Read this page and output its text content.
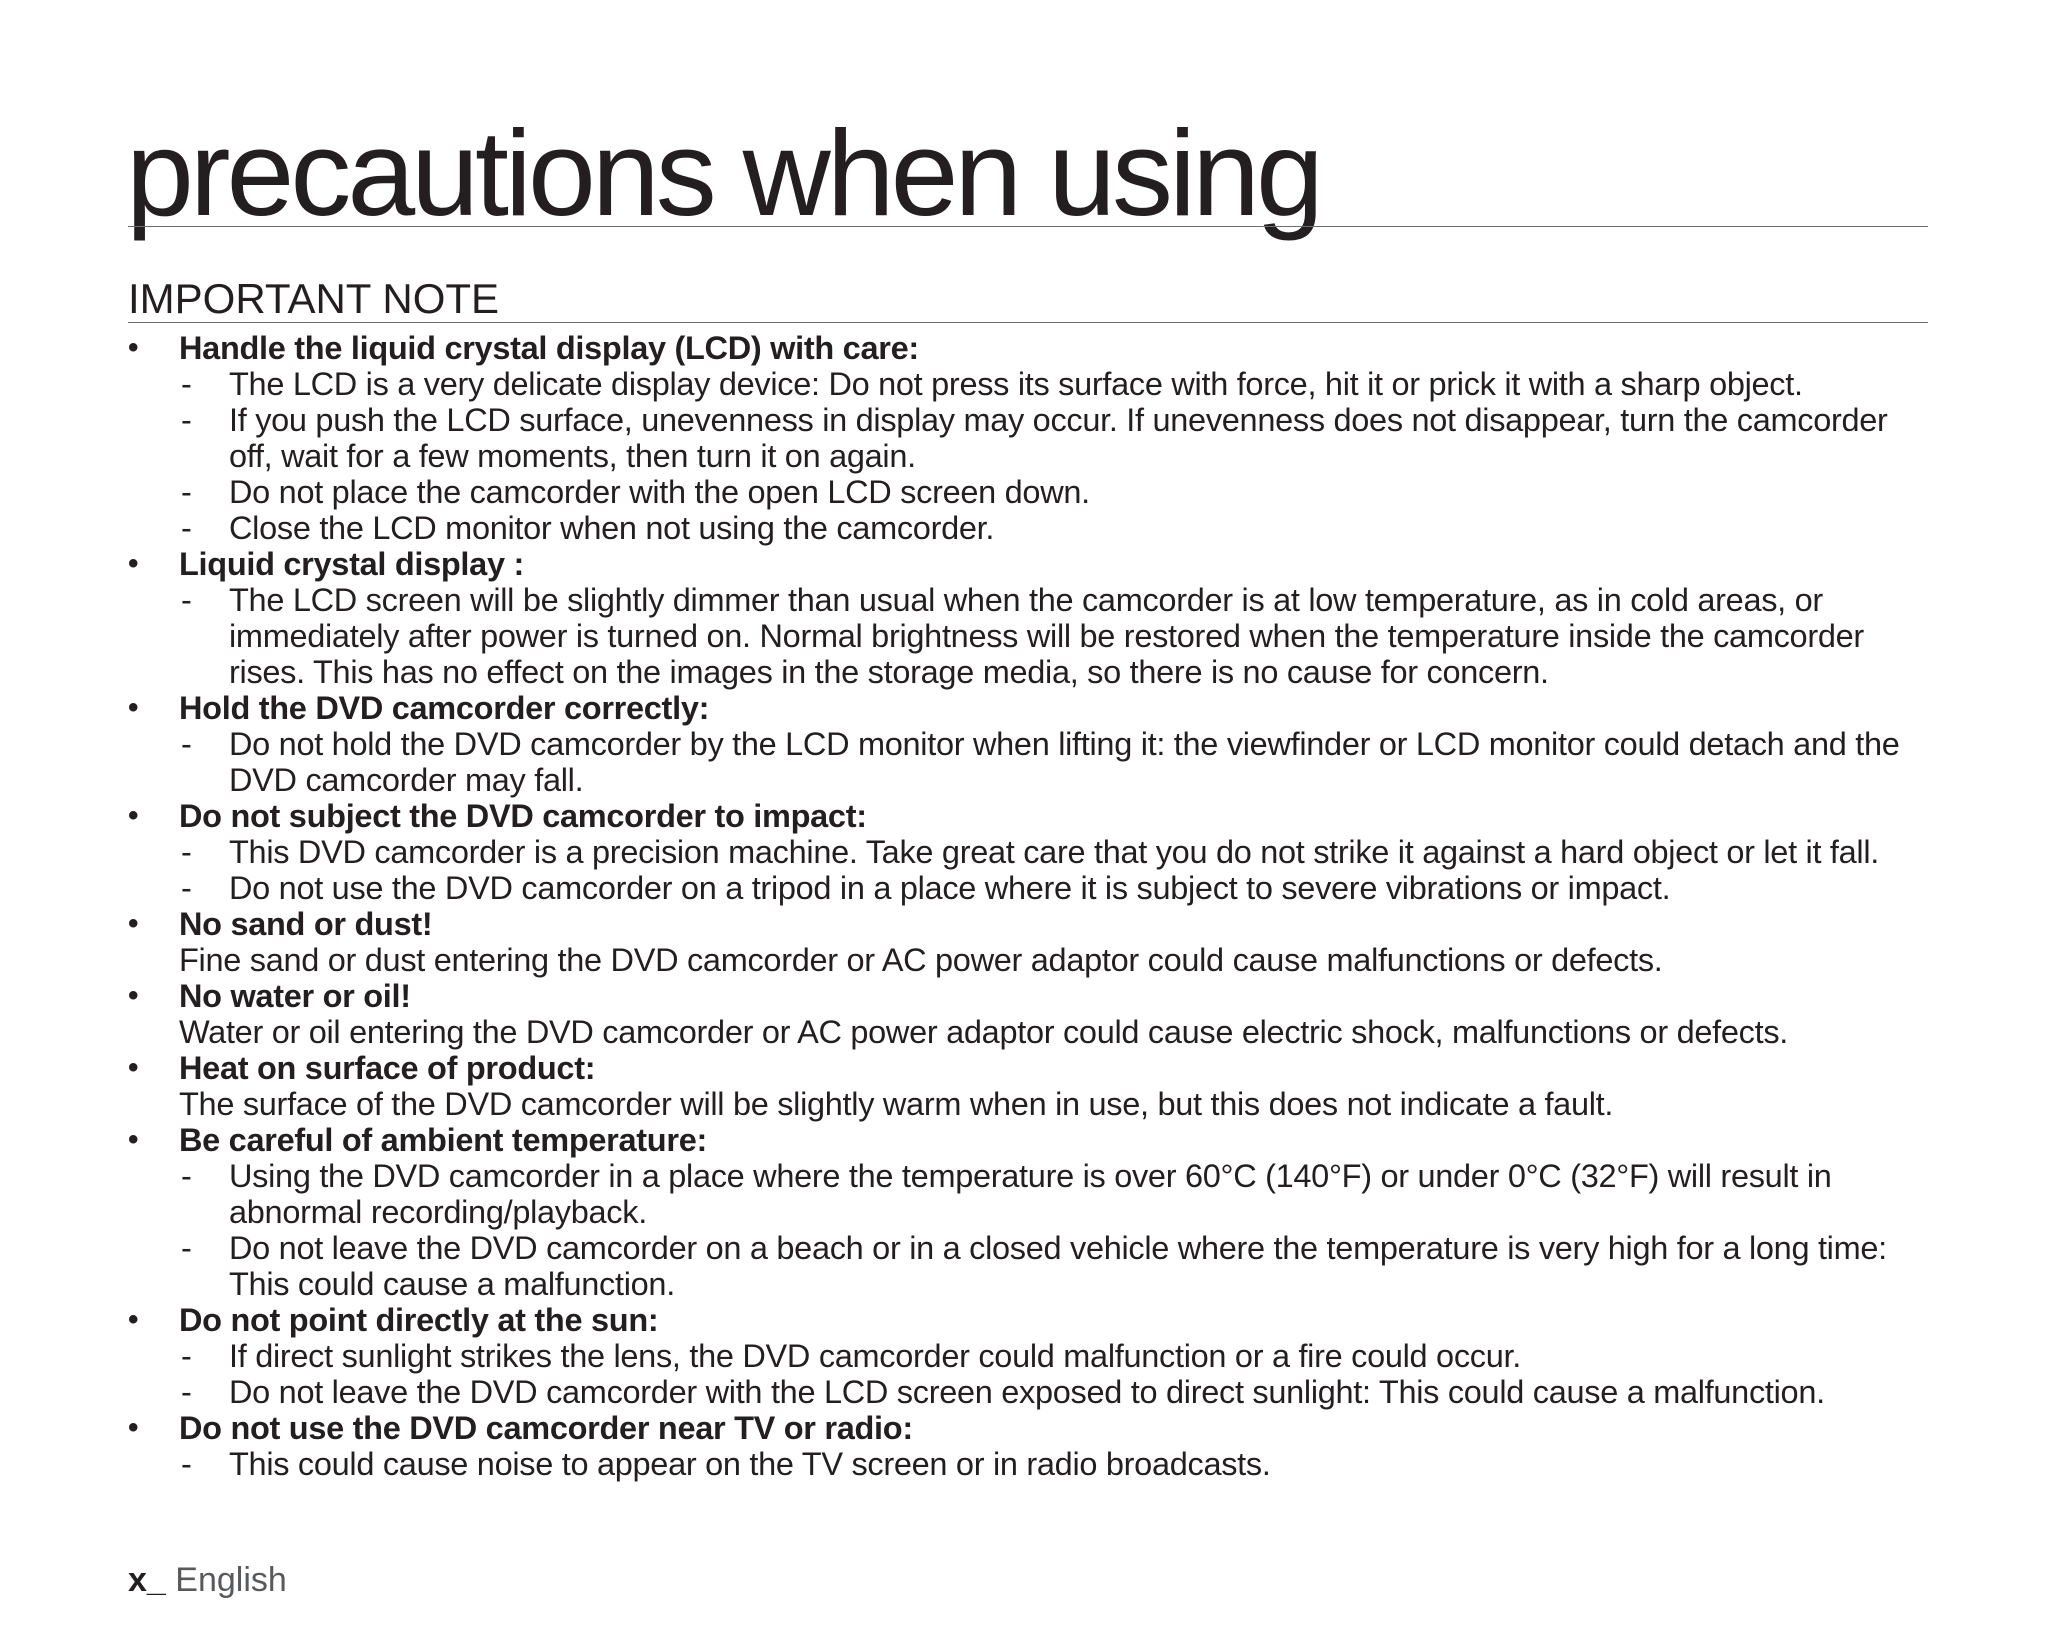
precautions when using
IMPORTANT NOTE
•	Handle the liquid crystal display (LCD) with care:
- The LCD is a very delicate display device: Do not press its surface with force, hit it or prick it with a sharp object.
- If you push the LCD surface, unevenness in display may occur. If unevenness does not disappear, turn the camcorder off, wait for a few moments, then turn it on again.
- Do not place the camcorder with the open LCD screen down.
- Close the LCD monitor when not using the camcorder.
•	Liquid crystal display :
- The LCD screen will be slightly dimmer than usual when the camcorder is at low temperature, as in cold areas, or immediately after power is turned on. Normal brightness will be restored when the temperature inside the camcorder rises. This has no effect on the images in the storage media, so there is no cause for concern.
•	Hold the DVD camcorder correctly:
- Do not hold the DVD camcorder by the LCD monitor when lifting it: the viewfinder or LCD monitor could detach and the DVD camcorder may fall.
•	Do not subject the DVD camcorder to impact:
- This DVD camcorder is a precision machine. Take great care that you do not strike it against a hard object or let it fall.
- Do not use the DVD camcorder on a tripod in a place where it is subject to severe vibrations or impact.
•	No sand or dust!
Fine sand or dust entering the DVD camcorder or AC power adaptor could cause malfunctions or defects.
•	No water or oil!
Water or oil entering the DVD camcorder or AC power adaptor could cause electric shock, malfunctions or defects.
•	Heat on surface of product:
The surface of the DVD camcorder will be slightly warm when in use, but this does not indicate a fault.
•	Be careful of ambient temperature:
- Using the DVD camcorder in a place where the temperature is over 60°C (140°F) or under 0°C (32°F) will result in abnormal recording/playback.
- Do not leave the DVD camcorder on a beach or in a closed vehicle where the temperature is very high for a long time: This could cause a malfunction.
•	Do not point directly at the sun:
- If direct sunlight strikes the lens, the DVD camcorder could malfunction or a fire could occur.
- Do not leave the DVD camcorder with the LCD screen exposed to direct sunlight: This could cause a malfunction.
•	Do not use the DVD camcorder near TV or radio:
- This could cause noise to appear on the TV screen or in radio broadcasts.
x_ English
